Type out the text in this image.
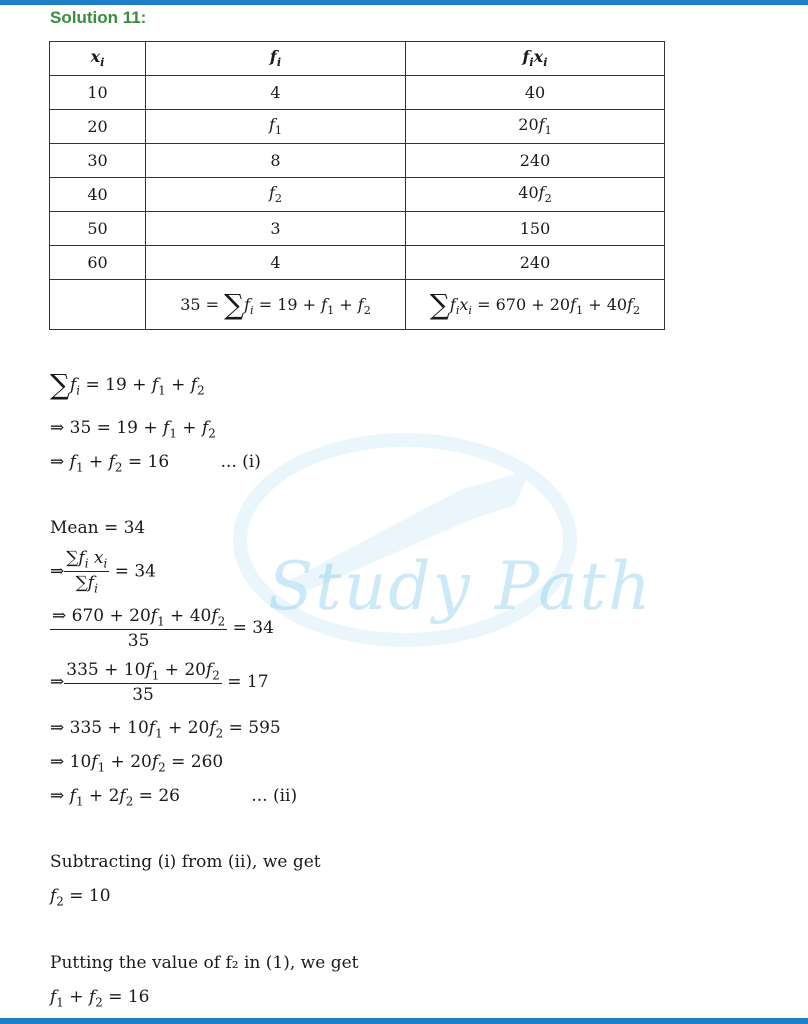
Solution 11:
Study Path
$x_i$	$f_i$	$f_ix_i$
10	4	40
20	$f_1$	$20f_1$
30	8	240
40	$f_2$	$40f_2$
50	3	150
60	4	240
	$35 = \sum f_i = 19 + f_1 + f_2$	$\sum f_ix_i = 670 + 20f_1 + 40f_2$
$\sum f_i = 19 + f_1 + f_2$
⇒ $35 = 19 + f_1 + f_2$
⇒ $f_1 + f_2 = 16$	... (i)
Mean = 34
⇒ $\frac{\sum f_i x_i}{\sum f_i} = 34$
$\frac{\Rightarrow 670 + 20f_1 + 40f_2}{35} = 34$
⇒ $\frac{335 + 10f_1 + 20f_2}{35} = 17$
⇒ $335 + 10f_1 + 20f_2 = 595$
⇒ $10f_1 + 20f_2 = 260$
⇒ $f_1 + 2f_2 = 26$	... (ii)
Subtracting (i) from (ii), we get
$f_2 = 10$
Putting the value of f₂ in (1), we get
$f_1 + f_2 = 16$
